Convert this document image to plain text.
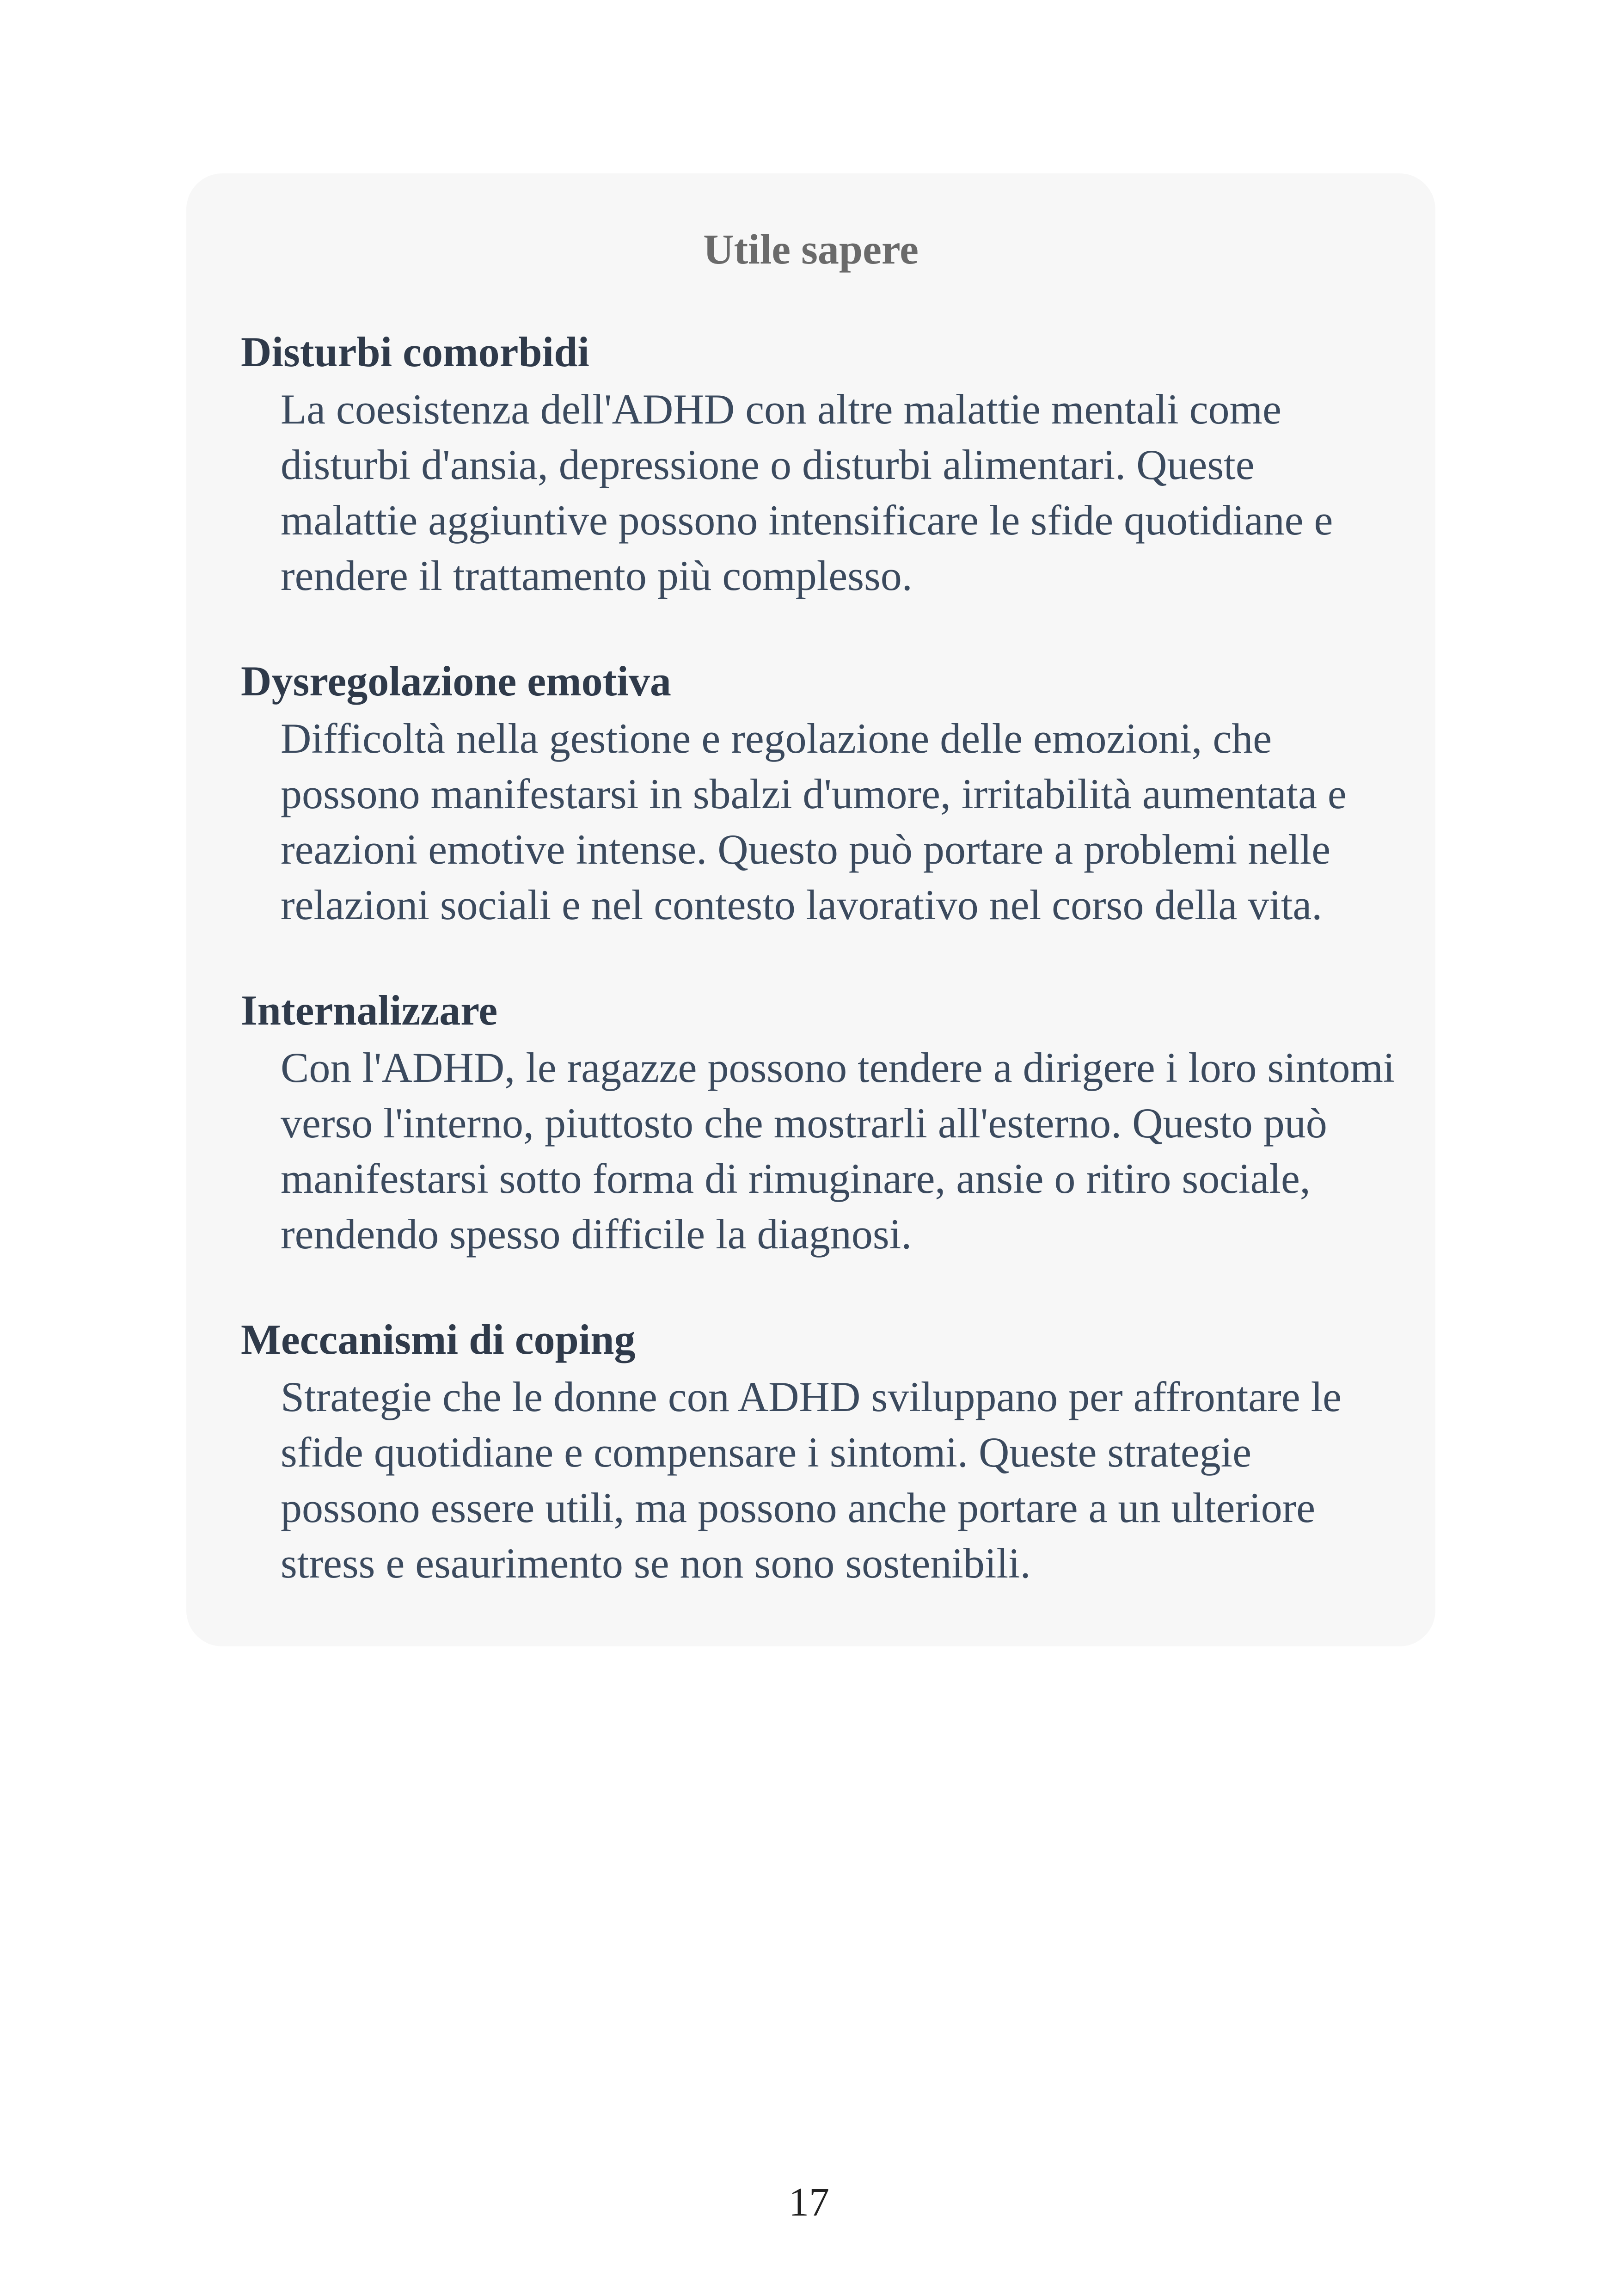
Utile sapere

Disturbi comorbidi

La coesistenza dell'ADHD con altre malattie mentali come disturbi d'ansia, depressione o disturbi alimentari. Queste malattie aggiuntive possono intensificare le sfide quotidiane e rendere il trattamento più complesso.

Dysregolazione emotiva

Difficoltà nella gestione e regolazione delle emozioni, che possono manifestarsi in sbalzi d'umore, irritabilità aumentata e reazioni emotive intense. Questo può portare a problemi nelle relazioni sociali e nel contesto lavorativo nel corso della vita.

Internalizzare

Con l'ADHD, le ragazze possono tendere a dirigere i loro sintomi verso l'interno, piuttosto che mostrarli all'esterno. Questo può manifestarsi sotto forma di rimuginare, ansie o ritiro sociale, rendendo spesso difficile la diagnosi.

Meccanismi di coping

Strategie che le donne con ADHD sviluppano per affrontare le sfide quotidiane e compensare i sintomi. Queste strategie possono essere utili, ma possono anche portare a un ulteriore stress e esaurimento se non sono sostenibili.
17
